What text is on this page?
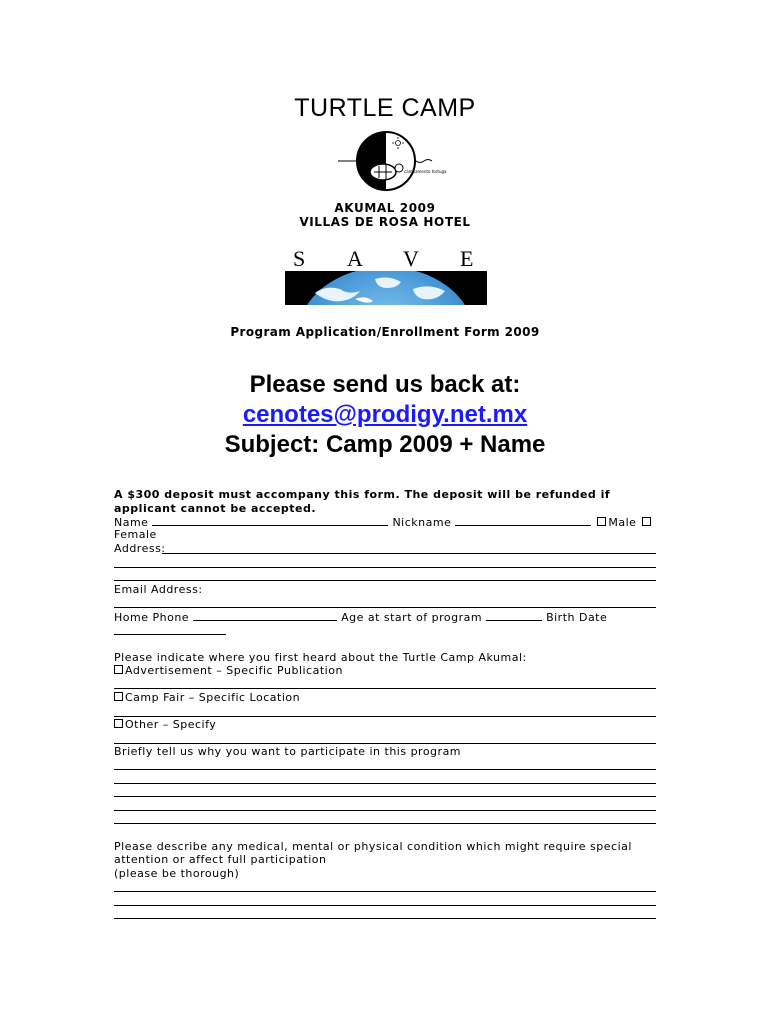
TURTLE CAMP
campamento tortuga
AKUMAL 2009
VILLAS DE ROSA HOTEL
S A V E
Program Application/Enrollment Form 2009
Please send us back at:
cenotes@prodigy.net.mx
Subject: Camp 2009 + Name
A $300 deposit must accompany this form. The deposit will be refunded if applicant cannot be accepted.
Name	Nickname	Male
Female
Address:
Email Address:
Home Phone	Age at start of program	Birth Date
Please indicate where you first heard about the Turtle Camp Akumal:
Advertisement – Specific Publication
Camp Fair – Specific Location
Other – Specify
Briefly tell us why you want to participate in this program
Please describe any medical, mental or physical condition which might require special
attention or affect full participation
(please be thorough)
